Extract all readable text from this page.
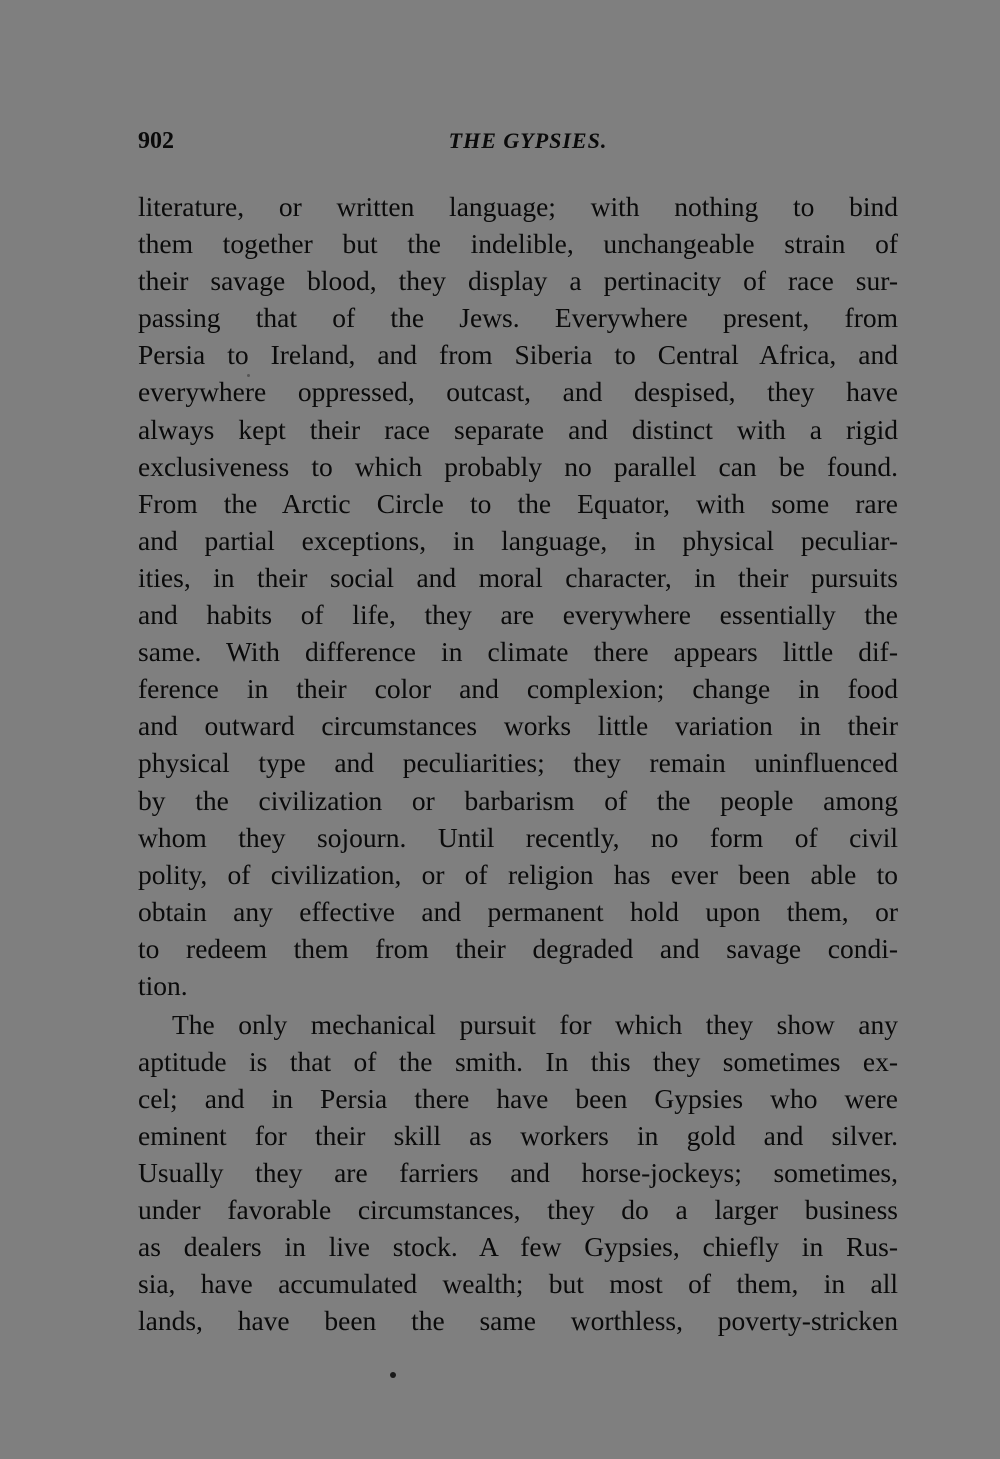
902	THE GYPSIES.
literature, or written language; with nothing to bind
them together but the indelible, unchangeable strain of
their savage blood, they display a pertinacity of race sur-
passing that of the Jews. Everywhere present, from
Persia to Ireland, and from Siberia to Central Africa, and
everywhere oppressed, outcast, and despised, they have
always kept their race separate and distinct with a rigid
exclusiveness to which probably no parallel can be found.
From the Arctic Circle to the Equator, with some rare
and partial exceptions, in language, in physical peculiar-
ities, in their social and moral character, in their pursuits
and habits of life, they are everywhere essentially the
same. With difference in climate there appears little dif-
ference in their color and complexion; change in food
and outward circumstances works little variation in their
physical type and peculiarities; they remain uninfluenced
by the civilization or barbarism of the people among
whom they sojourn. Until recently, no form of civil
polity, of civilization, or of religion has ever been able to
obtain any effective and permanent hold upon them, or
to redeem them from their degraded and savage condi-
tion.
The only mechanical pursuit for which they show any
aptitude is that of the smith. In this they sometimes ex-
cel; and in Persia there have been Gypsies who were
eminent for their skill as workers in gold and silver.
Usually they are farriers and horse-jockeys; sometimes,
under favorable circumstances, they do a larger business
as dealers in live stock. A few Gypsies, chiefly in Rus-
sia, have accumulated wealth; but most of them, in all
lands, have been the same worthless, poverty-stricken
